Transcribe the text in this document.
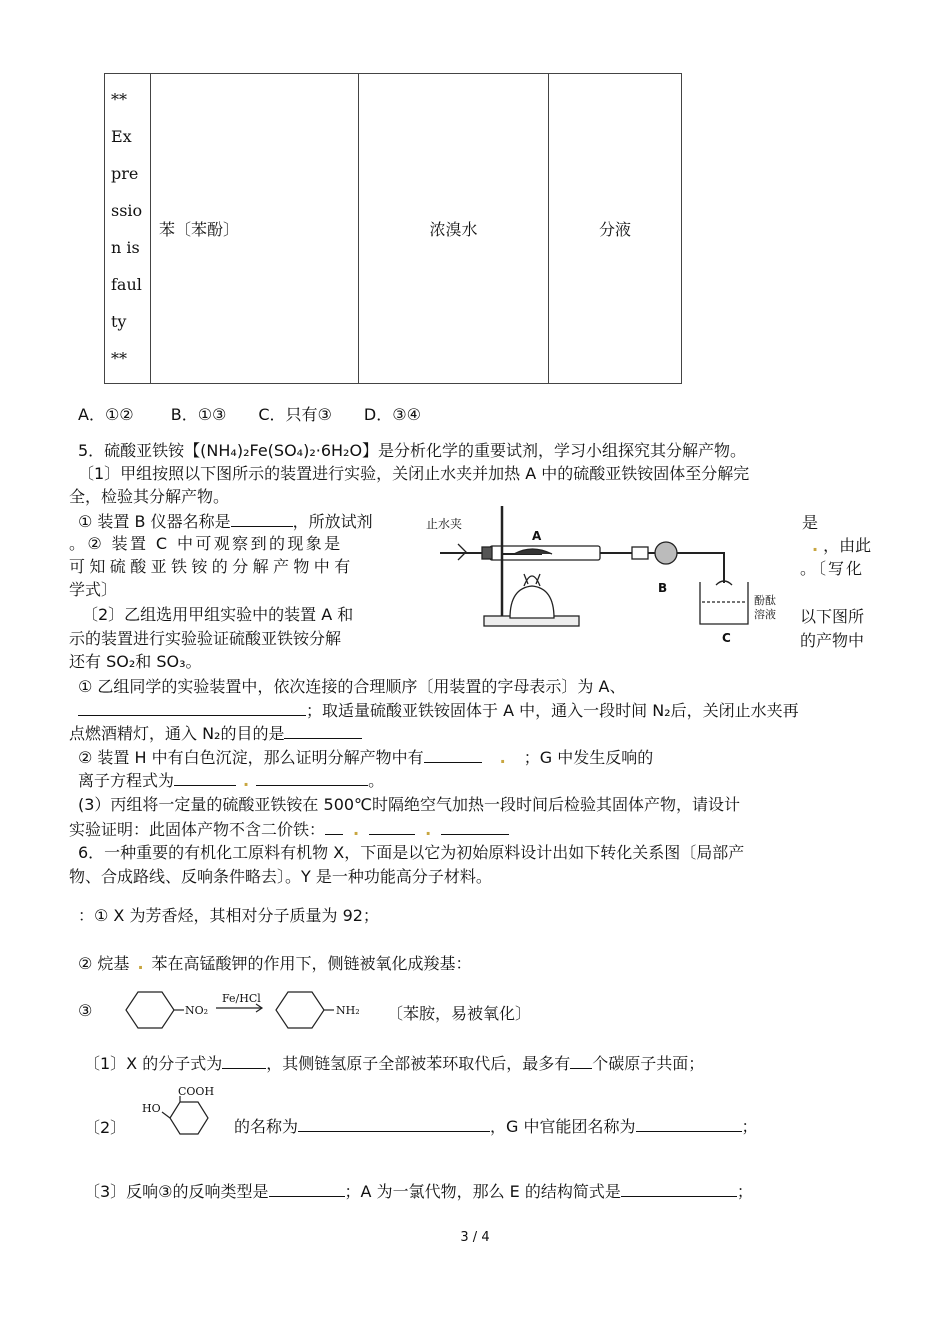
**
Ex
pre
ssio
n is
faul
ty
**
	苯〔苯酚〕	浓溴水	分液
A．①②　　 B．①③　　C．只有③　　D．③④
5．硫酸亚铁铵【(NH₄)₂Fe(SO₄)₂·6H₂O】是分析化学的重要试剂，学习小组探究其分解产物。
〔1〕甲组按照以下图所示的装置进行实验，关闭止水夹并加热 A 中的硫酸亚铁铵固体至分解完
全，检验其分解产物。
① 装置 B 仪器名称是	，所放试剂	是
。② 装置 C 中可观察到的现象是	. ，由此
可知硫酸亚铁铵的分解产物中有	。〔写化
学式〕
〔2〕乙组选用甲组实验中的装置 A 和	以下图所
示的装置进行实验验证硫酸亚铁铵分解	的产物中
还有 SO₂和 SO₃。
① 乙组同学的实验装置中，依次连接的合理顺序〔用装置的字母表示〕为 A、
；取适量硫酸亚铁铵固体于 A 中，通入一段时间 N₂后，关闭止水夹再
点燃酒精灯，通入 N₂的目的是
② 装置 H 中有白色沉淀，那么证明分解产物中有	. ；G 中发生反响的
离子方程式为	.	。
(3）丙组将一定量的硫酸亚铁铵在 500℃时隔绝空气加热一段时间后检验其固体产物，请设计
实验证明：此固体产物不含二价铁： .	.
止水夹
A
B
C
酚酞
溶液
6．一种重要的有机化工原料有机物 X，下面是以它为初始原料设计出如下转化关系图〔局部产
物、合成路线、反响条件略去〕。Y 是一种功能高分子材料。
：① X 为芳香烃，其相对分子质量为 92；
② 烷基 . 苯在高锰酸钾的作用下，侧链被氧化成羧基：
③	NO₂
Fe/HCl
NH₂ 〔苯胺，易被氧化〕
〔1〕X 的分子式为	，其侧链氢原子全部被苯环取代后，最多有 个碳原子共面；
〔2〕
COOH
HO
的名称为	，G 中官能团名称为	；
〔3〕反响③的反响类型是	；A 为一氯代物，那么 E 的结构简式是	；
3 / 4
